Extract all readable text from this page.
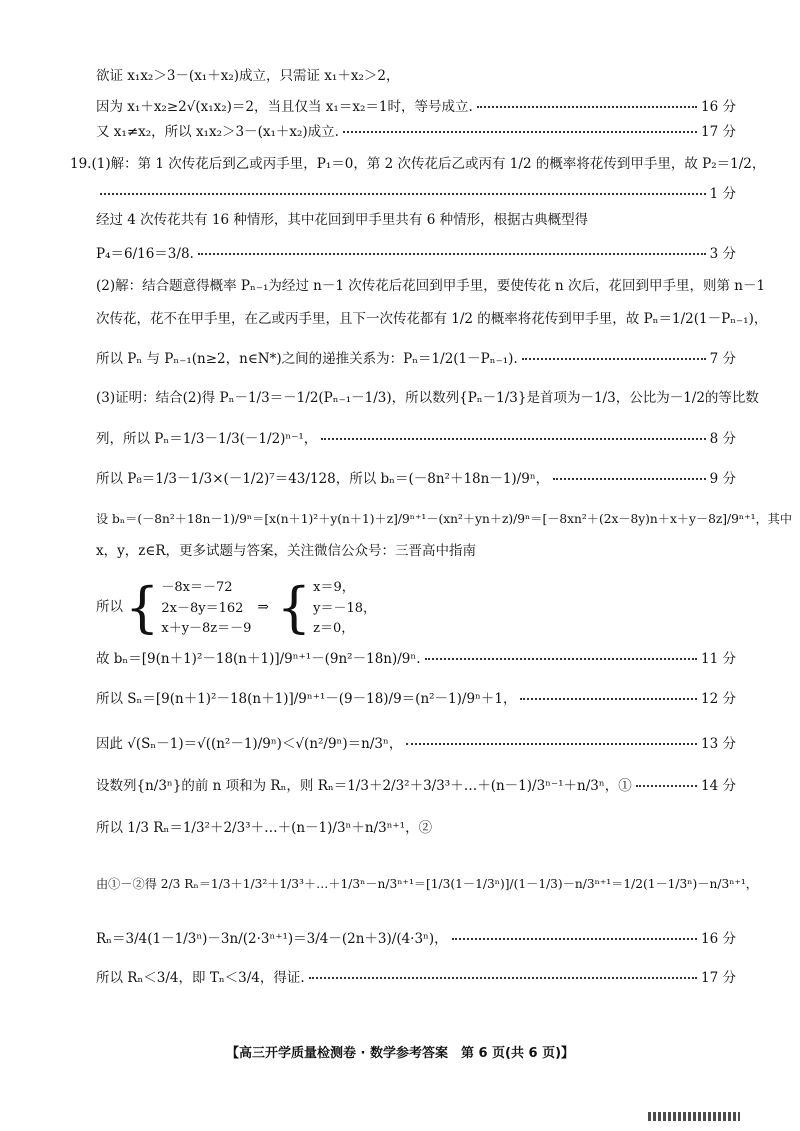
欲证 x₁x₂＞3－(x₁＋x₂)成立，只需证 x₁＋x₂＞2，
因为 x₁＋x₂≥2√(x₁x₂)＝2，当且仅当 x₁＝x₂＝1时，等号成立.	16 分
又 x₁≠x₂，所以 x₁x₂＞3－(x₁＋x₂)成立.	17 分
19.(1)解：第 1 次传花后到乙或丙手里，P₁＝0，第 2 次传花后乙或丙有 1/2 的概率将花传到甲手里，故 P₂＝1/2，
1 分
经过 4 次传花共有 16 种情形，其中花回到甲手里共有 6 种情形，根据古典概型得
P₄＝6/16＝3/8.	3 分
(2)解：结合题意得概率 Pₙ₋₁为经过 n－1 次传花后花回到甲手里，要使传花 n 次后，花回到甲手里，则第 n－1
次传花，花不在甲手里，在乙或丙手里，且下一次传花都有 1/2 的概率将花传到甲手里，故 Pₙ＝1/2(1－Pₙ₋₁)，
所以 Pₙ 与 Pₙ₋₁(n≥2，n∈N*)之间的递推关系为：Pₙ＝1/2(1－Pₙ₋₁).	7 分
(3)证明：结合(2)得 Pₙ－1/3＝－1/2(Pₙ₋₁－1/3)，所以数列{Pₙ－1/3}是首项为－1/3，公比为－1/2的等比数
列，所以 Pₙ＝1/3－1/3(－1/2)ⁿ⁻¹，	8 分
所以 P₈＝1/3－1/3×(－1/2)⁷＝43/128，所以 bₙ＝(－8n²＋18n－1)/9ⁿ，	9 分
设 bₙ＝(－8n²＋18n－1)/9ⁿ＝[x(n＋1)²＋y(n＋1)＋z]/9ⁿ⁺¹－(xn²＋yn＋z)/9ⁿ＝[－8xn²＋(2x－8y)n＋x＋y－8z]/9ⁿ⁺¹，其中
x，y，z∈R，更多试题与答案，关注微信公众号：三晋高中指南
所以 { －8x＝－72
2x－8y＝162
x＋y－8z＝－9
⇒ { x＝9，
y＝－18，
z＝0，
故 bₙ＝[9(n＋1)²－18(n＋1)]/9ⁿ⁺¹－(9n²－18n)/9ⁿ.	11 分
所以 Sₙ＝[9(n＋1)²－18(n＋1)]/9ⁿ⁺¹－(9－18)/9＝(n²－1)/9ⁿ＋1，	12 分
因此 √(Sₙ－1)＝√((n²－1)/9ⁿ)＜√(n²/9ⁿ)＝n/3ⁿ，	13 分
设数列{n/3ⁿ}的前 n 项和为 Rₙ，则 Rₙ＝1/3＋2/3²＋3/3³＋…＋(n－1)/3ⁿ⁻¹＋n/3ⁿ，①	14 分
所以 1/3 Rₙ＝1/3²＋2/3³＋…＋(n－1)/3ⁿ＋n/3ⁿ⁺¹，②
由①－②得 2/3 Rₙ＝1/3＋1/3²＋1/3³＋…＋1/3ⁿ－n/3ⁿ⁺¹＝[1/3(1－1/3ⁿ)]/(1－1/3)－n/3ⁿ⁺¹＝1/2(1－1/3ⁿ)－n/3ⁿ⁺¹，
Rₙ＝3/4(1－1/3ⁿ)－3n/(2·3ⁿ⁺¹)＝3/4－(2n＋3)/(4·3ⁿ)，	16 分
所以 Rₙ＜3/4，即 Tₙ＜3/4，得证.	17 分
【高三开学质量检测卷 · 数学参考答案　第 6 页(共 6 页)】
